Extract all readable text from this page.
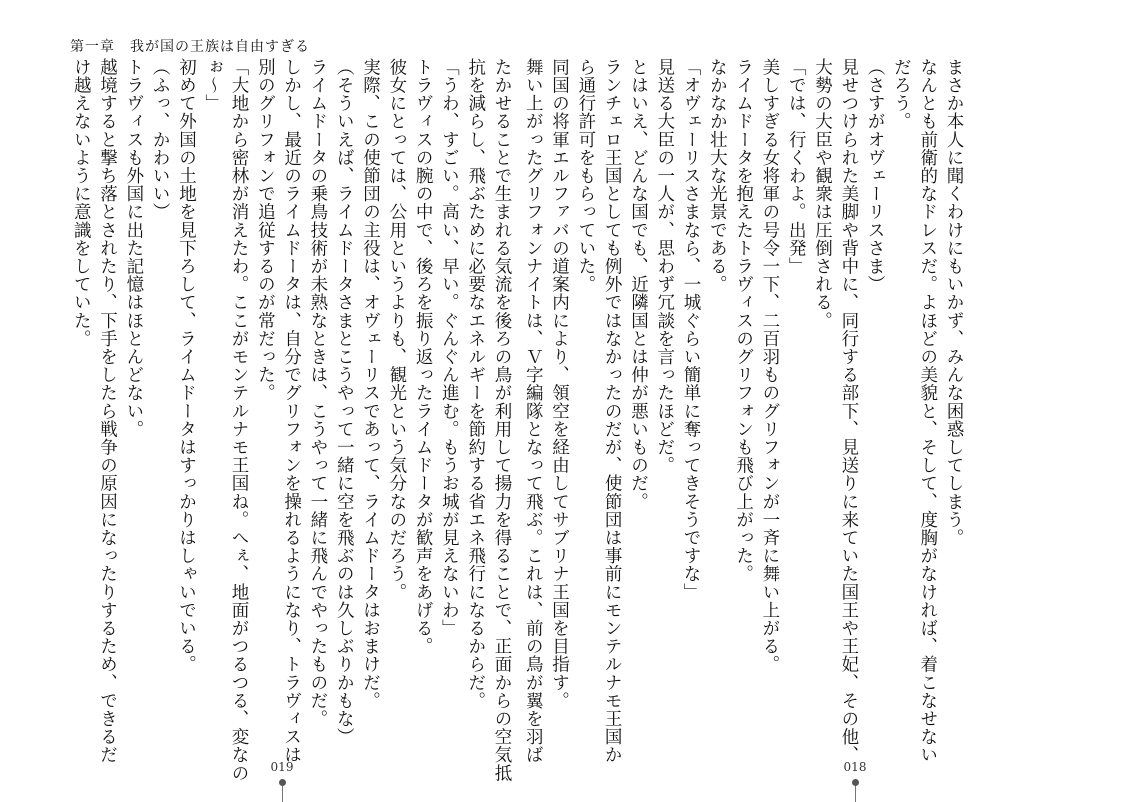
第一章　我が国の王族は自由すぎる
たかせることで生まれる気流を後ろの鳥が利用して揚力を得ることで、正面からの空気抵
抗を減らし、飛ぶために必要なエネルギーを節約する省エネ飛行になるからだ。
「うわ、すごい。高い、早い。ぐんぐん進む。もうお城が見えないわ」
トラヴィスの腕の中で、後ろを振り返ったライムドータが歓声をあげる。
彼女にとっては、公用というよりも、観光という気分なのだろう。
実際、この使節団の主役は、オヴェーリスであって、ライムドータはおまけだ。
（そういえば、ライムドータさまとこうやって一緒に空を飛ぶのは久しぶりかもな）
ライムドータの乗鳥技術が未熟なときは、こうやって一緒に飛んでやったものだ。
しかし、最近のライムドータは、自分でグリフォンを操れるようになり、トラヴィスは
別のグリフォンで追従するのが常だった。
「大地から密林が消えたわ。ここがモンテルナモ王国ね。へぇ、地面がつるつる、変なの
ぉ～」
初めて外国の土地を見下ろして、ライムドータはすっかりはしゃいでいる。
（ふっ、かわいい）
トラヴィスも外国に出た記憶はほとんどない。
越境すると撃ち落とされたり、下手をしたら戦争の原因になったりするため、できるだ
け越えないように意識をしていた。
019
まさか本人に聞くわけにもいかず、みんな困惑してしまう。
なんとも前衛的なドレスだ。よほどの美貌と、そして、度胸がなければ、着こなせない
だろう。
（さすがオヴェーリスさま）
見せつけられた美脚や背中に、同行する部下、見送りに来ていた国王や王妃、その他、
大勢の大臣や観衆は圧倒される。
「では、行くわよ。出発」
美しすぎる女将軍の号令一下、二百羽ものグリフォンが一斉に舞い上がる。
ライムドータを抱えたトラヴィスのグリフォンも飛び上がった。
なかなか壮大な光景である。
「オヴェーリスさまなら、一城ぐらい簡単に奪ってきそうですな」
見送る大臣の一人が、思わず冗談を言ったほどだ。
とはいえ、どんな国でも、近隣国とは仲が悪いものだ。
ランチェロ王国としても例外ではなかったのだが、使節団は事前にモンテルナモ王国か
ら通行許可をもらっていた。
同国の将軍エルファバの道案内により、領空を経由してサブリナ王国を目指す。
舞い上がったグリフォンナイトは、Ｖ字編隊となって飛ぶ。これは、前の鳥が翼を羽ば
018
